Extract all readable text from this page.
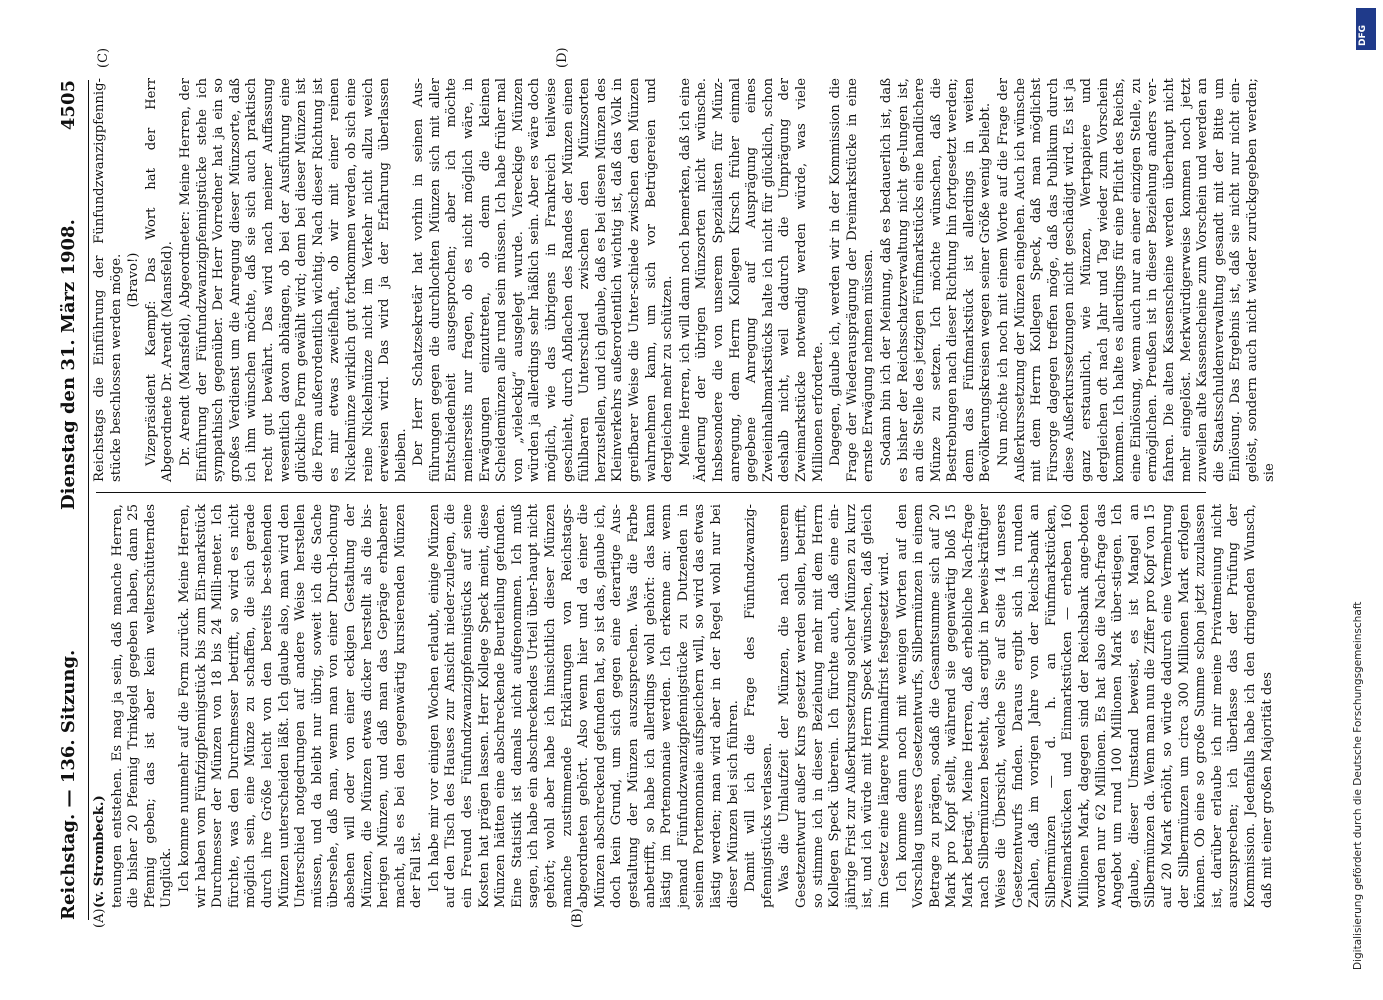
Reichstag. — 136. Sitzung.
Dienstag den 31. März 1908.
4505
(A)	(B)
(C)	(D)

(v. Strombeck.) tenungen entstehen. Es mag ja sein, daß manche Herren, die bisher 20 Pfennig Trinkgeld gegeben haben, dann 25 Pfennig geben; das ist aber kein welterschütterndes Unglück. Ich komme nunmehr auf die Form zurück. Meine Herren, wir haben vom Fünfzigpfennigstück bis zum Ein-markstück Durchmesser der Münzen von 18 bis 24 Milli-meter. Ich fürchte, was den Durchmesser betrifft, so wird es nicht möglich sein, eine Münze zu schaffen, die sich gerade durch ihre Größe leicht von den bereits be-stehenden Münzen unterscheiden läßt. Ich glaube also, man wird den Unterschied notgedrungen auf andere Weise herstellen müssen, und da bleibt nur übrig, soweit ich die Sache übersehe, daß man, wenn man von einer Durch-lochung absehen will oder von einer eckigen Gestaltung der Münzen, die Münzen etwas dicker herstellt als die bis-herigen Münzen, und daß man das Gepräge erhabener macht, als es bei den gegenwärtig kursierenden Münzen der Fall ist. Ich habe mir vor einigen Wochen erlaubt, einige Münzen auf den Tisch des Hauses zur Ansicht nieder-zulegen, die ein Freund des Fünfundzwanzigpfennigstücks auf seine Kosten hat prägen lassen. Herr Kollege Speck meint, diese Münzen hätten eine abschreckende Beurteilung gefunden. Eine Statistik ist damals nicht aufgenommen. Ich muß sagen, ich habe ein abschreckendes Urteil über-haupt nicht gehört; wohl aber habe ich hinsichtlich dieser Münzen manche zustimmende Erklärungen von Reichstags-abgeordneten gehört. Also wenn hier und da einer die Münzen abschreckend gefunden hat, so ist das, glaube ich, doch kein Grund, um sich gegen eine derartige Aus-gestaltung der Münzen auszusprechen. Was die Farbe anbetrifft, so habe ich allerdings wohl gehört: das kann lästig im Portemonnaie werden. Ich erkenne an: wenn jemand Fünfundzwanzigpfennigstücke zu Dutzenden in seinem Portemonnaie aufspeichern will, so wird das etwas lästig werden; man wird aber in der Regel wohl nur bei dieser Münzen bei sich führen. Damit will ich die Frage des Fünfundzwanzig-pfennigstücks verlassen. Was die Umlaufzeit der Münzen, die nach unserem Gesetzentwurf außer Kurs gesetzt werden sollen, betrifft, so stimme ich in dieser Beziehung mehr mit dem Herrn Kollegen Speck überein. Ich fürchte auch, daß eine ein-jährige Frist zur Außerkurssetzung solcher Münzen zu kurz ist, und ich würde mit Herrn Speck wünschen, daß gleich im Gesetz eine längere Minimalfrist festgesetzt wird. Ich komme dann noch mit wenigen Worten auf den Vorschlag unseres Gesetzentwurfs, Silbermünzen in einem Betrage zu prägen, sodaß die Gesamtsumme sich auf 20 Mark pro Kopf stellt, während sie gegenwärtig bloß 15 Mark beträgt. Meine Herren, daß erhebliche Nach-frage nach Silbermünzen besteht, das ergibt in beweis-kräftiger Weise die Übersicht, welche Sie auf Seite 14 unseres Gesetzentwurfs finden. Daraus ergibt sich in runden Zahlen, daß im vorigen Jahre von der Reichs-bank an Silbermünzen — d. h. an Fünfmarkstücken, Zweimarkstücken und Einmarkstücken — erheben 160 Millionen Mark, dagegen sind der Reichsbank ange-boten worden nur 62 Millionen. Es hat also die Nach-frage das Angebot um rund 100 Millionen Mark über-stiegen. Ich glaube, dieser Umstand beweist, es ist Mangel an Silbermünzen da. Wenn man nun die Ziffer pro Kopf von 15 auf 20 Mark erhöht, so würde dadurch eine Vermehrung der Silbermünzen um circa 300 Millionen Mark erfolgen können. Ob eine so große Summe schon jetzt zuzulassen ist, darüber erlaube ich mir meine Privatmeinung nicht auszusprechen; ich überlasse das der Prüfung der Kommission. Jedenfalls habe ich den dringenden Wunsch, daß mit einer großen Majorität des

Reichstags die Einführung der Fünfundzwanzigpfennig-stücke beschlossen werden möge. (Bravo!) Vizepräsident Kaempf: Das Wort hat der Herr Abgeordnete Dr. Arendt (Mansfeld). Dr. Arendt (Mansfeld), Abgeordneter: Meine Herren, der Einführung der Fünfundzwanzigpfennigstücke stehe ich sympathisch gegenüber. Der Herr Vorredner hat ja ein so großes Verdienst um die Anregung dieser Münzsorte, daß ich ihm wünschen möchte, daß sie sich auch praktisch recht gut bewährt. Das wird nach meiner Auffassung wesentlich davon abhängen, ob bei der Ausführung eine glückliche Form gewählt wird; denn bei dieser Münzen ist die Form außerordentlich wichtig. Nach dieser Richtung ist es mir etwas zweifelhaft, ob wir mit einer reinen Nickelmünze wirklich gut fortkommen werden, ob sich eine reine Nickelmünze nicht im Verkehr nicht allzu weich erweisen wird. Das wird ja der Erfahrung überlassen bleiben. Der Herr Schatzsekretär hat vorhin in seinen Aus-führungen gegen die durchlochten Münzen sich mit aller Entschiedenheit ausgesprochen; aber ich möchte meinerseits nur fragen, ob es nicht möglich wäre, in Erwägungen einzutreten, ob denn die kleinen Scheidemünzen alle rund sein müssen. Ich habe früher mal von „vieleckig“ ausgelegt wurde. Viereckige Münzen würden ja allerdings sehr häßlich sein. Aber es wäre doch möglich, wie das übrigens in Frankreich teilweise geschieht, durch Abflachen des Randes der Münzen einen fühlbaren Unterschied zwischen den Münzsorten herzustellen, und ich glaube, daß es bei diesen Münzen des Kleinverkehrs außerordentlich wichtig ist, daß das Volk in greifbarer Weise die Unter-schiede zwischen den Münzen wahrnehmen kann, um sich vor Betrügereien und dergleichen mehr zu schützen. Meine Herren, ich will dann noch bemerken, daß ich eine Änderung der übrigen Münzsorten nicht wünsche. Insbesondere die von unserem Spezialisten für Münz-anregung, dem Herrn Kollegen Kirsch früher einmal gegebene Anregung auf Ausprägung eines Zweieinhalbmarkstücks halte ich nicht für glücklich, schon deshalb nicht, weil dadurch die Umprägung der Zweimarkstücke notwendig werden würde, was viele Millionen erforderte. Dagegen, glaube ich, werden wir in der Kommission die Frage der Wiederausprägung der Dreimarkstücke in eine ernste Erwägung nehmen müssen. Sodann bin ich der Meinung, daß es bedauerlich ist, daß es bisher der Reichsschatzverwaltung nicht ge-lungen ist, an die Stelle des jetzigen Fünfmarkstücks eine handlichere Münze zu setzen. Ich möchte wünschen, daß die Bestrebungen nach dieser Richtung hin fortgesetzt werden; denn das Fünfmarkstück ist allerdings in weiten Bevölkerungskreisen wegen seiner Größe wenig beliebt. Nun möchte ich noch mit einem Worte auf die Frage der Außerkurssetzung der Münzen eingehen. Auch ich wünsche mit dem Herrn Kollegen Speck, daß man möglichst Fürsorge dagegen treffen möge, daß das Publikum durch diese Außerkurssetzungen nicht geschädigt wird. Es ist ja ganz erstaunlich, wie Münzen, Wertpapiere und dergleichen oft nach Jahr und Tag wieder zum Vorschein kommen. Ich halte es allerdings für eine Pflicht des Reichs, eine Einlösung, wenn auch nur an einer einzigen Stelle, zu ermöglichen. Preußen ist in dieser Beziehung anders ver-fahren. Die alten Kassenscheine werden überhaupt nicht mehr eingelöst. Merkwürdigerweise kommen noch jetzt zuweilen alte Kassenscheine zum Vorschein und werden an die Staatsschuldenverwaltung gesandt mit der Bitte um Einlösung. Das Ergebnis ist, daß sie nicht nur nicht ein-gelöst, sondern auch nicht wieder zurückgegeben werden; sie

DFG
Digitalisierung gefördert durch die Deutsche Forschungsgemeinschaft
